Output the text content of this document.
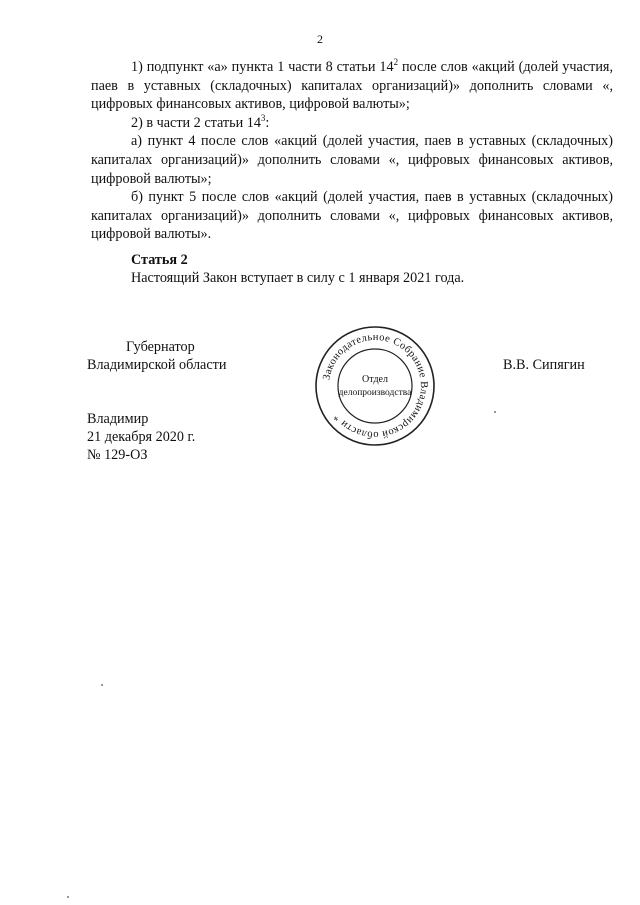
2

1) подпункт «а» пункта 1 части 8 статьи $14^2$ после слов «акций (долей участия, паев в уставных (складочных) капиталах организаций)» дополнить словами «, цифровых финансовых активов, цифровой валюты»;

2) в части 2 статьи $14^3$:

а) пункт 4 после слов «акций (долей участия, паев в уставных (складочных) капиталах организаций)» дополнить словами «, цифровых финансовых активов, цифровой валюты»;

б) пункт 5 после слов «акций (долей участия, паев в уставных (складочных) капиталах организаций)» дополнить словами «, цифровых финансовых активов, цифровой валюты».

Статья 2
Настоящий Закон вступает в силу с 1 января 2021 года.
Губернатор
Владимирской области	В.В. Сипягин
Законодательное Собрание Владимирской области *
Отдел
делопроизводства
Владимир
21 декабря 2020 г.
№ 129-ОЗ
